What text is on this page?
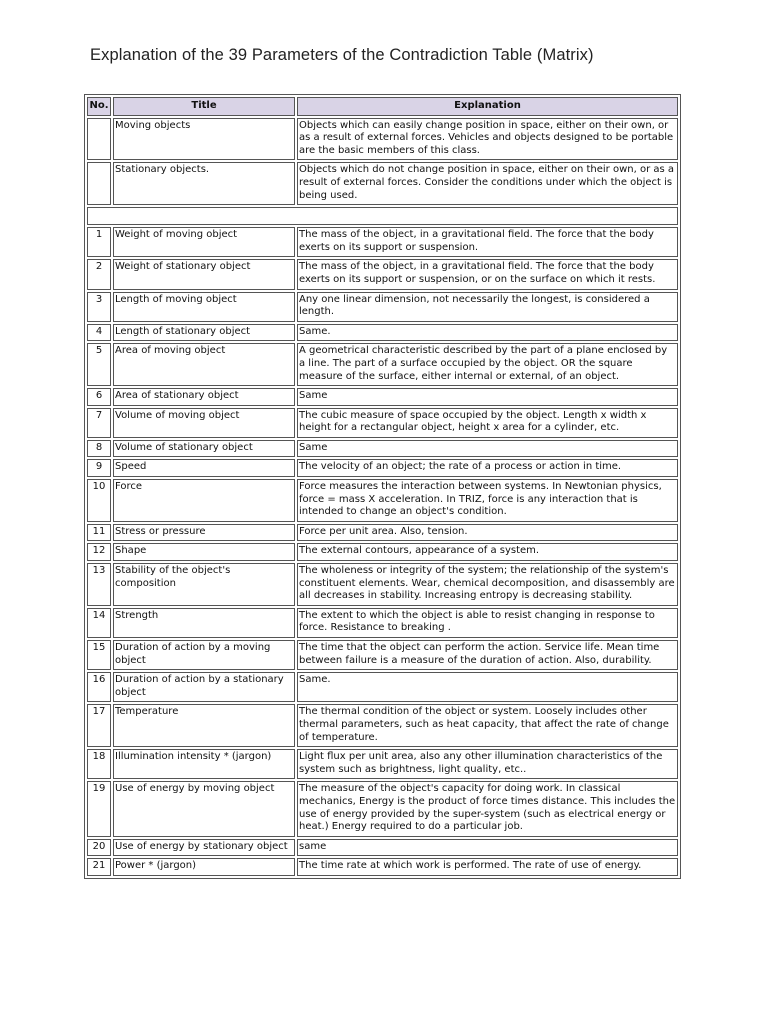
Explanation of the 39 Parameters of the Contradiction Table (Matrix)
No.	Title	Explanation
	Moving objects	Objects which can easily change position in space, either on their own, or as a result of external forces. Vehicles and objects designed to be portable are the basic members of this class.
	Stationary objects.	Objects which do not change position in space, either on their own, or as a result of external forces. Consider the conditions under which the object is being used.

1	Weight of moving object	The mass of the object, in a gravitational field. The force that the body exerts on its support or suspension.
2	Weight of stationary object	The mass of the object, in a gravitational field. The force that the body exerts on its support or suspension, or on the surface on which it rests.
3	Length of moving object	Any one linear dimension, not necessarily the longest, is considered a length.
4	Length of stationary object	Same.
5	Area of moving object	A geometrical characteristic described by the part of a plane enclosed by a line. The part of a surface occupied by the object. OR the square measure of the surface, either internal or external, of an object.
6	Area of stationary object	Same
7	Volume of moving object	The cubic measure of space occupied by the object. Length x width x height for a rectangular object, height x area for a cylinder, etc.
8	Volume of stationary object	Same
9	Speed	The velocity of an object; the rate of a process or action in time.
10	Force	Force measures the interaction between systems. In Newtonian physics, force = mass X acceleration. In TRIZ, force is any interaction that is intended to change an object's condition.
11	Stress or pressure	Force per unit area. Also, tension.
12	Shape	The external contours, appearance of a system.
13	Stability of the object's composition	The wholeness or integrity of the system; the relationship of the system's constituent elements. Wear, chemical decomposition, and disassembly are all decreases in stability. Increasing entropy is decreasing stability.
14	Strength	The extent to which the object is able to resist changing in response to force. Resistance to breaking .
15	Duration of action by a moving object	The time that the object can perform the action. Service life. Mean time between failure is a measure of the duration of action. Also, durability.
16	Duration of action by a stationary object	Same.
17	Temperature	The thermal condition of the object or system. Loosely includes other thermal parameters, such as heat capacity, that affect the rate of change of temperature.
18	Illumination intensity * (jargon)	Light flux per unit area, also any other illumination characteristics of the system such as brightness, light quality, etc..
19	Use of energy by moving object	The measure of the object's capacity for doing work. In classical mechanics, Energy is the product of force times distance. This includes the use of energy provided by the super-system (such as electrical energy or heat.) Energy required to do a particular job.
20	Use of energy by stationary object	same
21	Power * (jargon)	The time rate at which work is performed. The rate of use of energy.
